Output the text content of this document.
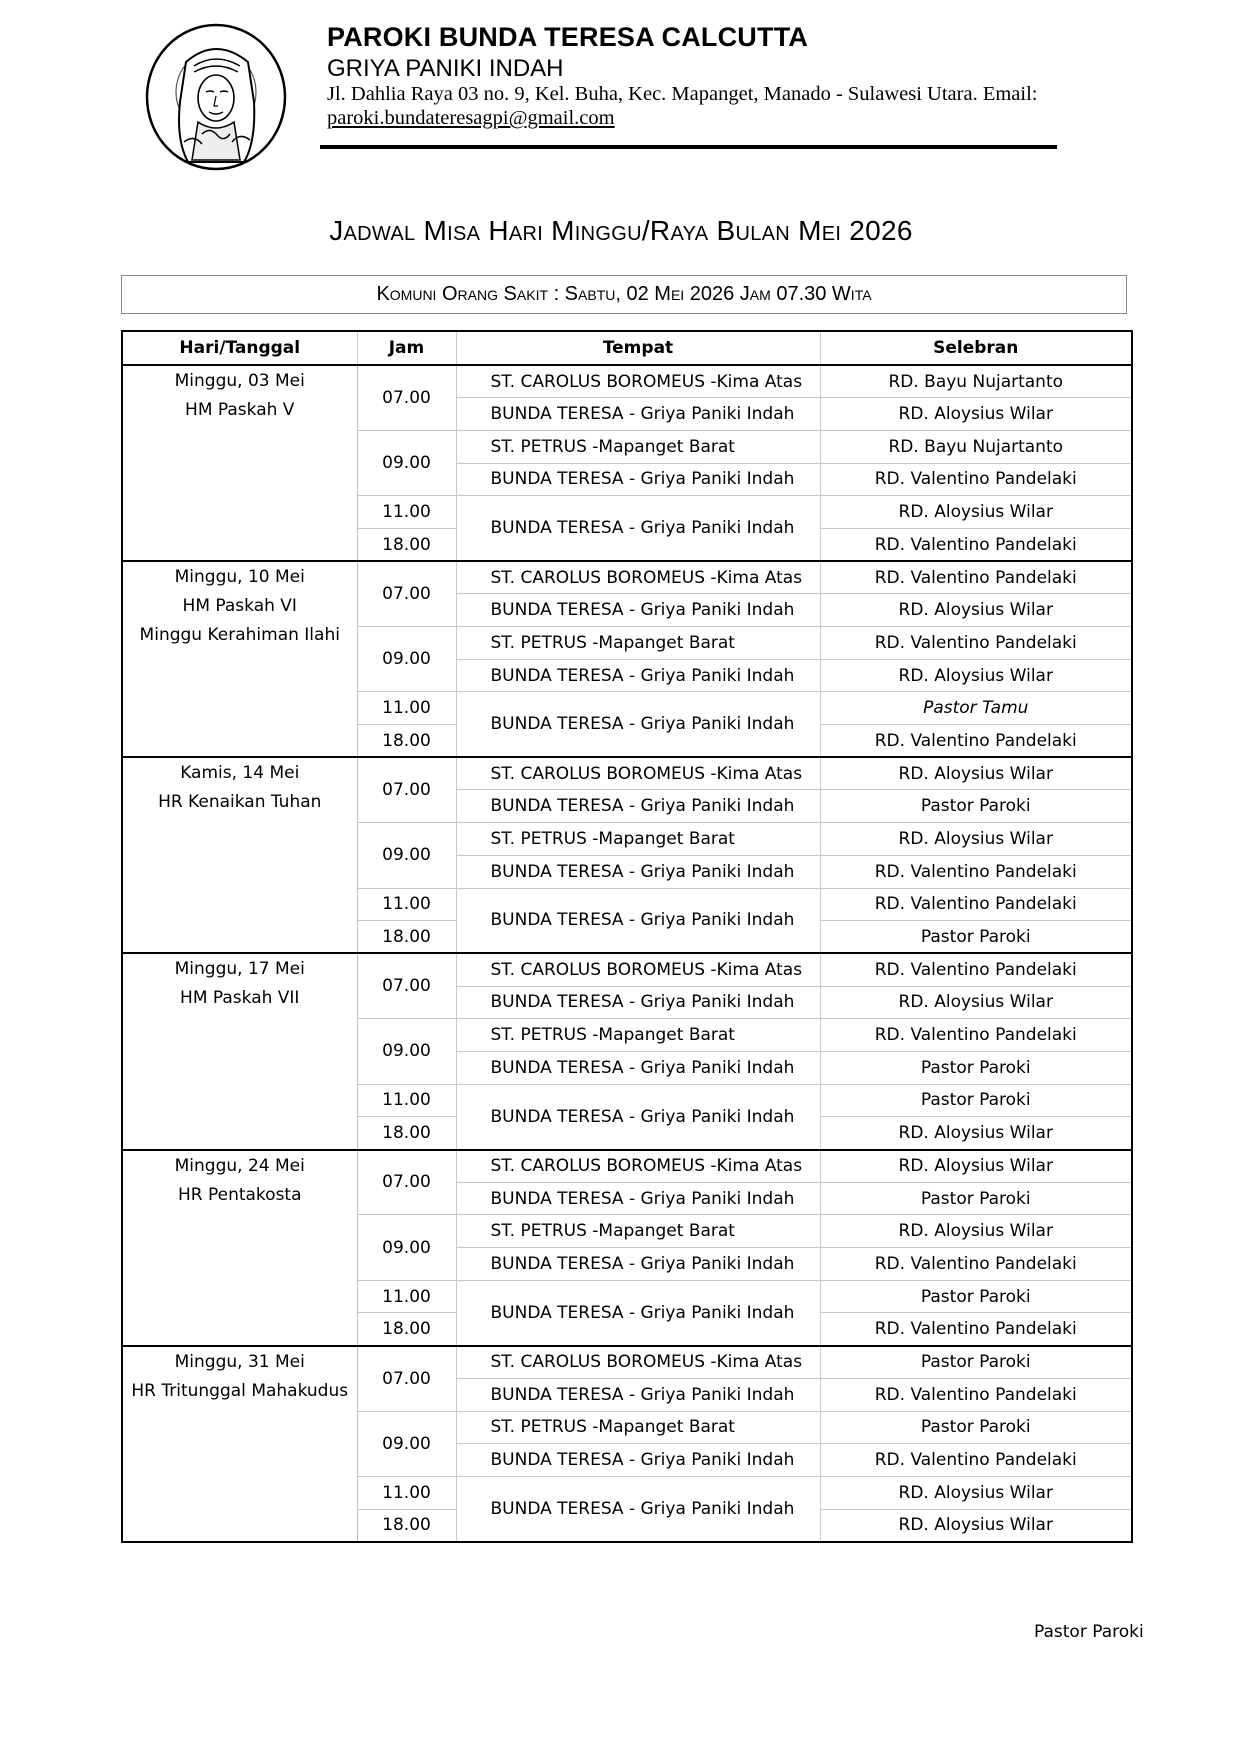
PAROKI BUNDA TERESA CALCUTTA
GRIYA PANIKI INDAH
Jl. Dahlia Raya 03 no. 9, Kel. Buha, Kec. Mapanget, Manado - Sulawesi Utara. Email:
paroki.bundateresagpi@gmail.com
Jadwal Misa Hari Minggu/Raya Bulan Mei 2026
Komuni Orang Sakit : Sabtu, 02 Mei 2026 Jam 07.30 Wita
Hari/Tanggal	Jam	Tempat	Selebran

Minggu, 03 Mei
HM Paskah V	07.00	ST. CAROLUS BOROMEUS -Kima Atas	RD. Bayu Nujartanto
		BUNDA TERESA - Griya Paniki Indah	RD. Aloysius Wilar
	09.00	ST. PETRUS -Mapanget Barat	RD. Bayu Nujartanto
		BUNDA TERESA - Griya Paniki Indah	RD. Valentino Pandelaki
	11.00	BUNDA TERESA - Griya Paniki Indah	RD. Aloysius Wilar
	18.00		RD. Valentino Pandelaki

Minggu, 10 Mei
HM Paskah VI
Minggu Kerahiman Ilahi	07.00	ST. CAROLUS BOROMEUS -Kima Atas	RD. Valentino Pandelaki
		BUNDA TERESA - Griya Paniki Indah	RD. Aloysius Wilar
	09.00	ST. PETRUS -Mapanget Barat	RD. Valentino Pandelaki
		BUNDA TERESA - Griya Paniki Indah	RD. Aloysius Wilar
	11.00	BUNDA TERESA - Griya Paniki Indah	Pastor Tamu
	18.00		RD. Valentino Pandelaki

Kamis, 14 Mei
HR Kenaikan Tuhan	07.00	ST. CAROLUS BOROMEUS -Kima Atas	RD. Aloysius Wilar
		BUNDA TERESA - Griya Paniki Indah	Pastor Paroki
	09.00	ST. PETRUS -Mapanget Barat	RD. Aloysius Wilar
		BUNDA TERESA - Griya Paniki Indah	RD. Valentino Pandelaki
	11.00	BUNDA TERESA - Griya Paniki Indah	RD. Valentino Pandelaki
	18.00		Pastor Paroki

Minggu, 17 Mei
HM Paskah VII	07.00	ST. CAROLUS BOROMEUS -Kima Atas	RD. Valentino Pandelaki
		BUNDA TERESA - Griya Paniki Indah	RD. Aloysius Wilar
	09.00	ST. PETRUS -Mapanget Barat	RD. Valentino Pandelaki
		BUNDA TERESA - Griya Paniki Indah	Pastor Paroki
	11.00	BUNDA TERESA - Griya Paniki Indah	Pastor Paroki
	18.00		RD. Aloysius Wilar

Minggu, 24 Mei
HR Pentakosta	07.00	ST. CAROLUS BOROMEUS -Kima Atas	RD. Aloysius Wilar
		BUNDA TERESA - Griya Paniki Indah	Pastor Paroki
	09.00	ST. PETRUS -Mapanget Barat	RD. Aloysius Wilar
		BUNDA TERESA - Griya Paniki Indah	RD. Valentino Pandelaki
	11.00	BUNDA TERESA - Griya Paniki Indah	Pastor Paroki
	18.00		RD. Valentino Pandelaki

Minggu, 31 Mei
HR Tritunggal Mahakudus	07.00	ST. CAROLUS BOROMEUS -Kima Atas	Pastor Paroki
		BUNDA TERESA - Griya Paniki Indah	RD. Valentino Pandelaki
	09.00	ST. PETRUS -Mapanget Barat	Pastor Paroki
		BUNDA TERESA - Griya Paniki Indah	RD. Valentino Pandelaki
	11.00	BUNDA TERESA - Griya Paniki Indah	RD. Aloysius Wilar
	18.00		RD. Aloysius Wilar
Pastor Paroki
